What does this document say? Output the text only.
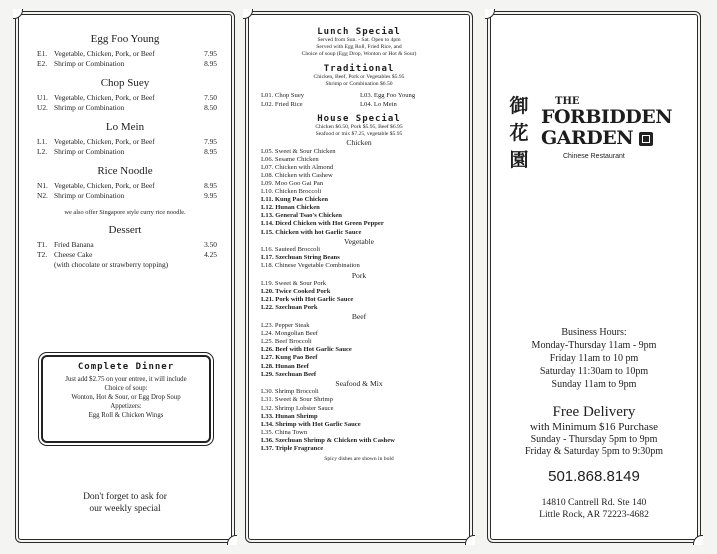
Egg Foo Young
E1. Vegetable, Chicken, Pork, or Beef	7.95
E2. Shrimp or Combination	8.95
Chop Suey
U1. Vegetable, Chicken, Pork, or Beef	7.50
U2. Shrimp or Combination	8.50
Lo Mein
L1. Vegetable, Chicken, Pork, or Beef	7.95
L2. Shrimp or Combination	8.95
Rice Noodle
N1. Vegetable, Chicken, Pork, or Beef	8.95
N2. Shrimp or Combination	9.95
we also offer Singapore style curry rice noodle.
Dessert
T1. Fried Banana	3.50
T2. Cheese Cake	4.25
(with chocolate or strawberry topping)
Complete Dinner
Just add $2.75 on your entree, it will include
Choice of soup:
Wonton, Hot & Sour, or Egg Drop Soup
Appetizers:
Egg Roll & Chicken Wings
Don't forget to ask for
our weekly special
Lunch Special
Served from Sun. - Sat. Open to 4pm
Served with Egg Roll, Fried Rice, and
Choice of soup (Egg Drop, Wonton or Hot & Sour)
Traditional
Chicken, Beef, Pork or Vegetables $5.95
Shrimp or Combination $6.50
L01. Chop Suey
L02. Fried Rice
L03. Egg Foo Young
L04. Lo Mein
House Special
Chicken $6.50, Pork $5.95, Beef $6.95
Seafood or mix $7.25, vegetable $5.95
Chicken
L05. Sweet & Sour Chicken
L06. Sesame Chicken
L07. Chicken with Almond
L08. Chicken with Cashew
L09. Moo Goo Gai Pan
L10. Chicken Broccoli
L11. Kung Pao Chicken
L12. Hunan Chicken
L13. General Tsao's Chicken
L14. Diced Chicken with Hot Green Pepper
L15. Chicken with hot Garlic Sauce
Vegetable
L16. Sauteed Broccoli
L17. Szechuan String Beans
L18. Chinese Vegetable Combination
Pork
L19. Sweet & Sour Pork
L20. Twice Cooked Pork
L21. Pork with Hot Garlic Sauce
L22. Szechuan Pork
Beef
L23. Pepper Steak
L24. Mongolian Beef
L25. Beef Broccoli
L26. Beef with Hot Garlic Sauce
L27. Kung Pao Beef
L28. Hunan Beef
L29. Szechuan Beef
Seafood & Mix
L30. Shrimp Broccoli
L31. Sweet & Sour Shrimp
L32. Shrimp Lobster Sauce
L33. Hunan Shrimp
L34. Shrimp with Hot Garlic Sauce
L35. China Town
L36. Szechuan Shrimp & Chicken with Cashew
L37. Triple Fragrance
Spicy dishes are shown in bold
御
花
園
THE
FORBIDDEN
GARDEN
Chinese Restaurant
Business Hours:
Monday-Thursday 11am - 9pm
Friday 11am to 10 pm
Saturday 11:30am to 10pm
Sunday 11am to 9pm
Free Delivery
with Minimum $16 Purchase
Sunday - Thursday 5pm to 9pm
Friday & Saturday 5pm to 9:30pm
501.868.8149
14810 Cantrell Rd. Ste 140
Little Rock, AR 72223-4682
